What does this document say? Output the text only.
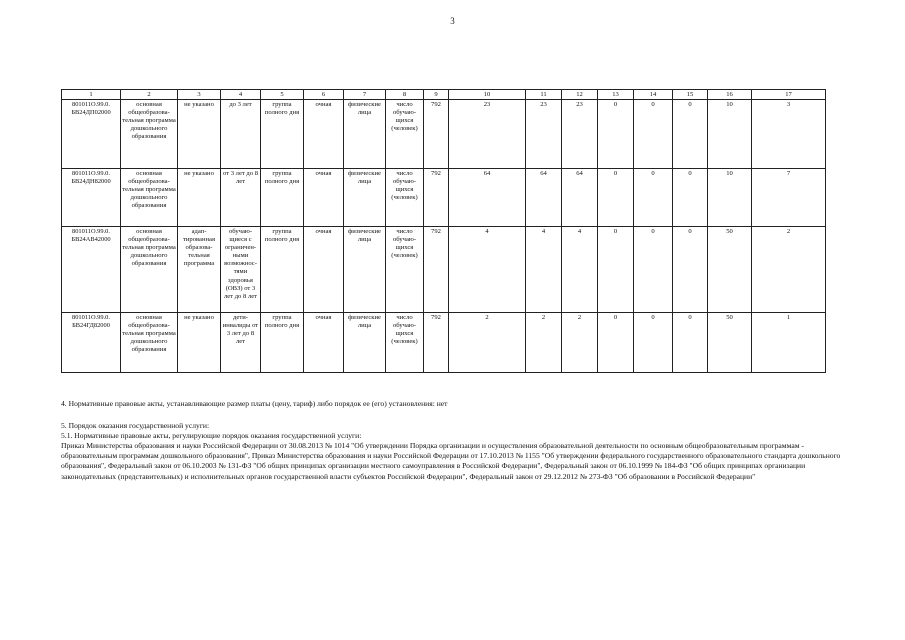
3
1	2	3	4	5	6	7	8	9	10	11	12	13	14	15	16	17
801011О.99.0. БВ24ДП02000	основная общеобразова-тельная программа дошкольного образования	не указано	до 3 лет	группа полного дня	очная	физические лица	число обучаю-щихся (человек)	792	23	23	23	0	0	0	10	3
801011О.99.0. БВ24ДН82000	основная общеобразова-тельная программа дошкольного образования	не указано	от 3 лет до 8 лет	группа полного дня	очная	физические лица	число обучаю-щихся (человек)	792	64	64	64	0	0	0	10	7
801011О.99.0. БВ24АВ42000	основная общеобразова-тельная программа дошкольного образования	адап-тированная образова-тельная программа	обучаю-щиеся с ограничен-ными возможнос-тями здоровья (ОВЗ) от 3 лет до 8 лет	группа полного дня	очная	физические лица	число обучаю-щихся (человек)	792	4	4	4	0	0	0	50	2
801011О.99.0. БВ24ГД82000	основная общеобразова-тельная программа дошкольного образования	не указано	дети-инвалиды от 3 лет до 8 лет	группа полного дня	очная	физические лица	число обучаю-щихся (человек)	792	2	2	2	0	0	0	50	1
4. Нормативные правовые акты, устанавливающие размер платы (цену, тариф) либо порядок ее (его) установления: нет
5. Порядок оказания государственной услуги:
5.1. Нормативные правовые акты, регулирующие порядок оказания государственной услуги:
Приказ Министерства образования и науки Российской Федерации от 30.08.2013 № 1014 "Об утверждении Порядка организации и осуществления образовательной деятельности по основным общеобразовательным программам - образовательным программам дошкольного образования", Приказ Министерства образования и науки Российской Федерации от 17.10.2013 № 1155 "Об утверждении федерального государственного образовательного стандарта дошкольного образования", Федеральный закон от 06.10.2003 № 131-ФЗ "Об общих принципах организации местного самоуправления в Российской Федерации", Федеральный закон от 06.10.1999 № 184-ФЗ "Об общих принципах организации законодательных (представительных) и исполнительных органов государственной власти субъектов Российской Федерации", Федеральный закон от 29.12.2012 № 273-ФЗ "Об образовании в Российской Федерации"
